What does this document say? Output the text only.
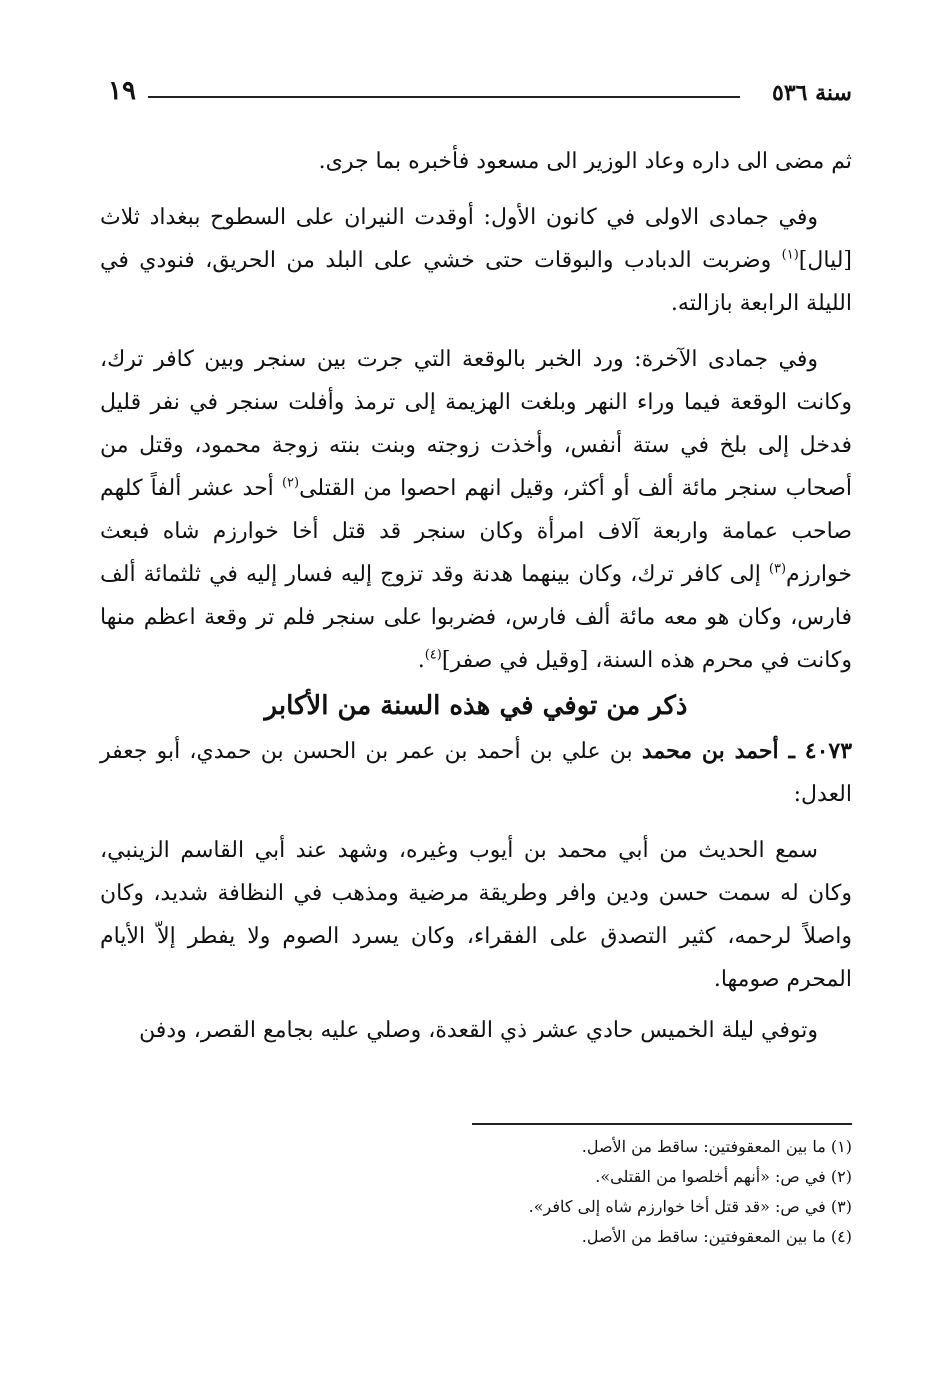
سنة ٥٣٦
١٩

ثم مضى الى داره وعاد الوزير الى مسعود فأخبره بما جرى.

وفي جمادى الاولى في كانون الأول: أوقدت النيران على السطوح ببغداد ثلاث [ليال]$^{(١)}$ وضربت الدبادب والبوقات حتى خشي على البلد من الحريق، فنودي في الليلة الرابعة بازالته.

وفي جمادى الآخرة: ورد الخبر بالوقعة التي جرت بين سنجر وبين كافر ترك، وكانت الوقعة فيما وراء النهر وبلغت الهزيمة إلى ترمذ وأفلت سنجر في نفر قليل فدخل إلى بلخ في ستة أنفس، وأخذت زوجته وبنت بنته زوجة محمود، وقتل من أصحاب سنجر مائة ألف أو أكثر، وقيل انهم احصوا من القتلى$^{(٢)}$ أحد عشر ألفاً كلهم صاحب عمامة واربعة آلاف امرأة وكان سنجر قد قتل أخا خوارزم شاه فبعث خوارزم$^{(٣)}$ إلى كافر ترك، وكان بينهما هدنة وقد تزوج إليه فسار إليه في ثلثمائة ألف فارس، وكان هو معه مائة ألف فارس، فضربوا على سنجر فلم تر وقعة اعظم منها وكانت في محرم هذه السنة، [وقيل في صفر]$^{(٤)}$.

ذكر من توفي في هذه السنة من الأكابر

٤٠٧٣ ـ أحمد بن محمد بن علي بن أحمد بن عمر بن الحسن بن حمدي، أبو جعفر العدل:

سمع الحديث من أبي محمد بن أيوب وغيره، وشهد عند أبي القاسم الزينبي، وكان له سمت حسن ودين وافر وطريقة مرضية ومذهب في النظافة شديد، وكان واصلاً لرحمه، كثير التصدق على الفقراء، وكان يسرد الصوم ولا يفطر إلاّ الأيام المحرم صومها.

وتوفي ليلة الخميس حادي عشر ذي القعدة، وصلي عليه بجامع القصر، ودفن

(١) ما بين المعقوفتين: ساقط من الأصل.
(٢) في ص: «أنهم أخلصوا من القتلى».
(٣) في ص: «قد قتل أخا خوارزم شاه إلى كافر».
(٤) ما بين المعقوفتين: ساقط من الأصل.
